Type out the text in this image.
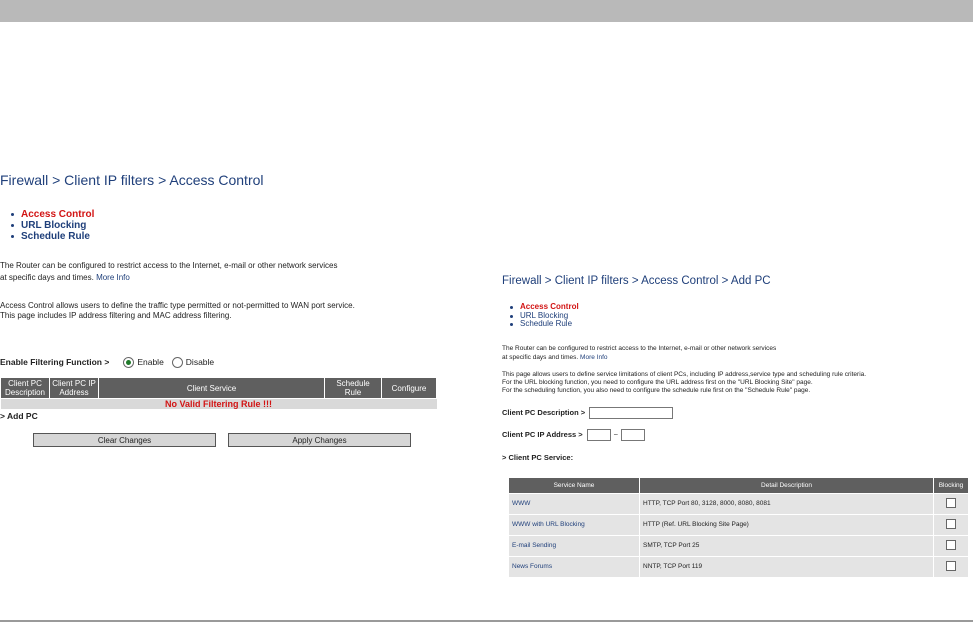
Firewall > Client IP filters > Access Control
Access Control
URL Blocking
Schedule Rule
The Router can be configured to restrict access to the Internet, e-mail or other network services
at specific days and times. More Info
Access Control allows users to define the traffic type permitted or not-permitted to WAN port service.
This page includes IP address filtering and MAC address filtering.
Enable Filtering Function >	Enable	Disable
Client PC Description	Client PC IP Address	Client Service	Schedule Rule	Configure
No Valid Filtering Rule !!!
> Add PC
Clear Changes	Apply Changes
Firewall > Client IP filters > Access Control > Add PC
Access Control
URL Blocking
Schedule Rule
The Router can be configured to restrict access to the Internet, e-mail or other network services
at specific days and times. More Info
This page allows users to define service limitations of client PCs, including IP address,service type and scheduling rule criteria.
For the URL blocking function, you need to configure the URL address first on the "URL Blocking Site" page.
For the scheduling function, you also need to configure the schedule rule first on the "Schedule Rule" page.
Client PC Description >
Client PC IP Address >	~
> Client PC Service:
Service Name	Detail Description	Blocking
WWW	HTTP, TCP Port 80, 3128, 8000, 8080, 8081	
WWW with URL Blocking	HTTP (Ref. URL Blocking Site Page)	
E-mail Sending	SMTP, TCP Port 25	
News Forums	NNTP, TCP Port 119	
